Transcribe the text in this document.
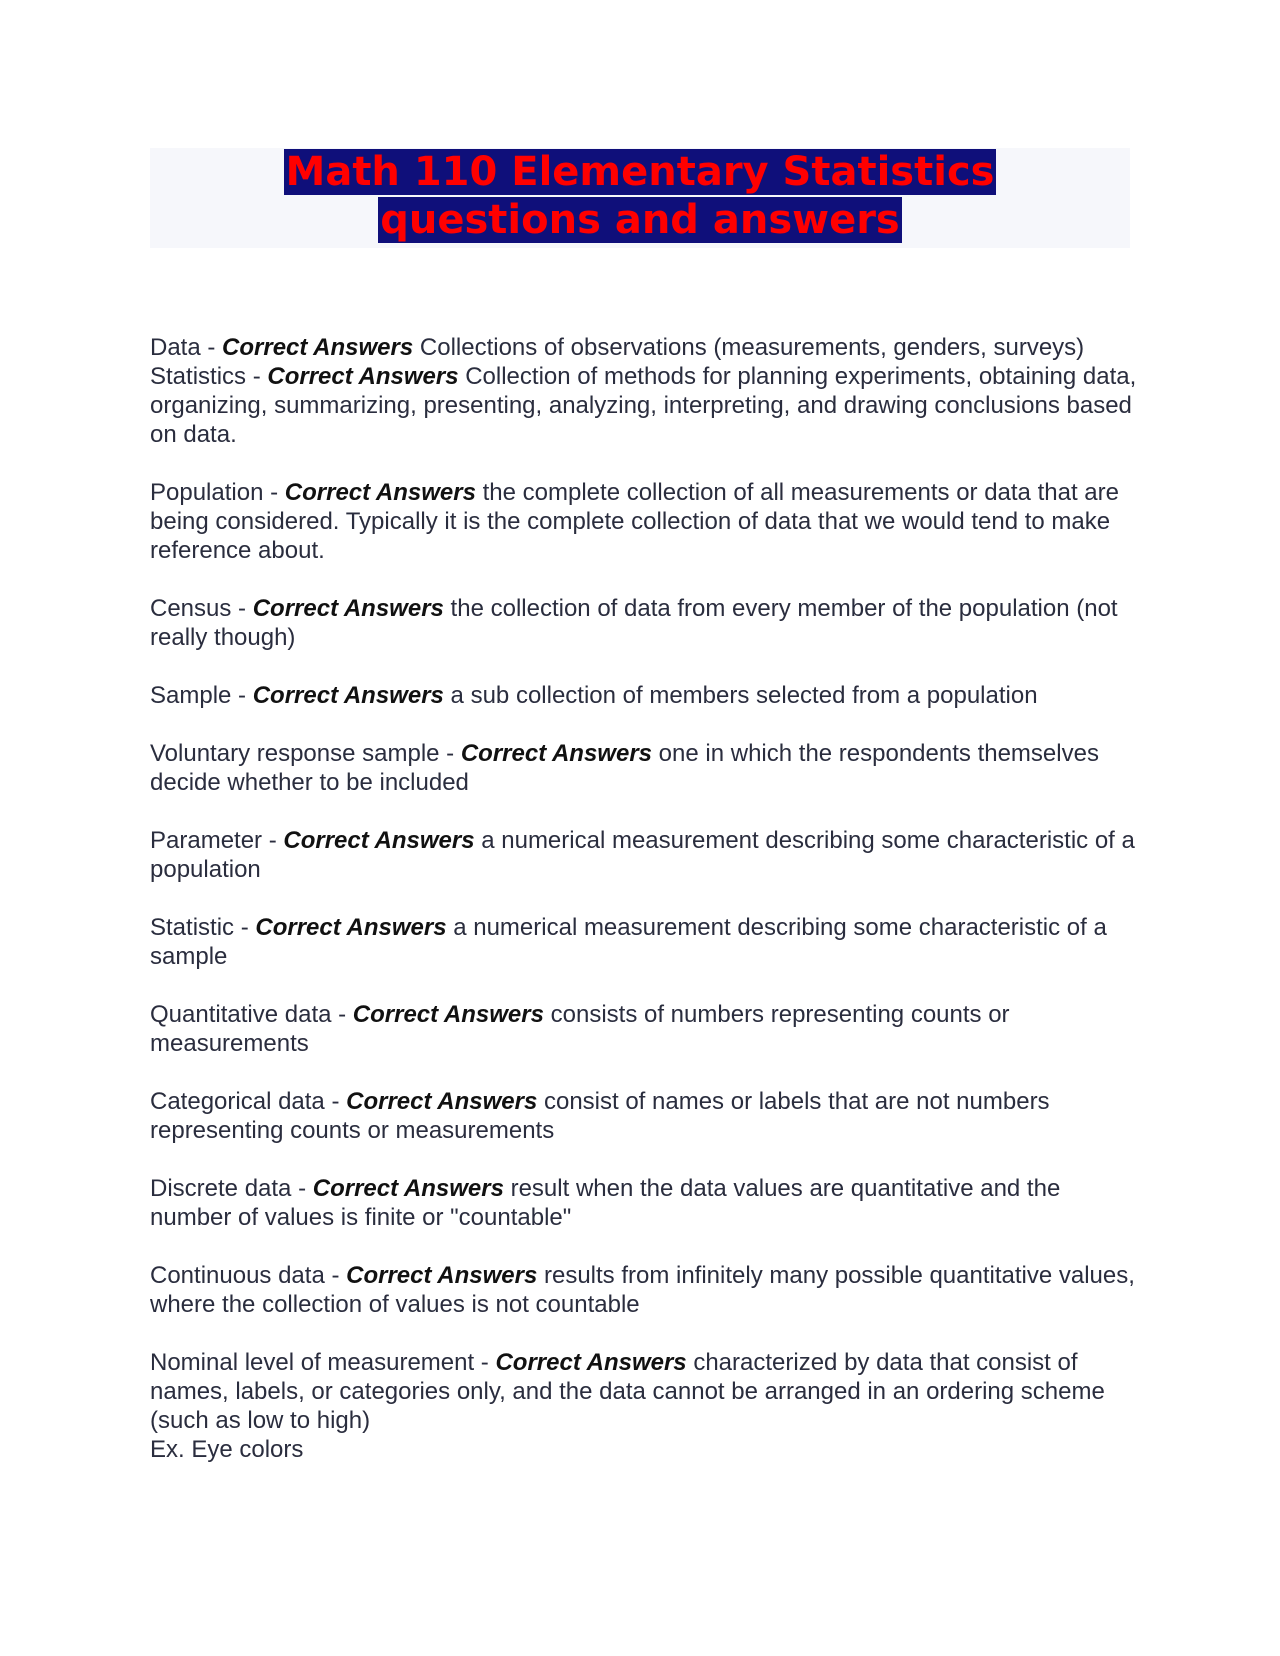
Math 110 Elementary Statistics
questions and answers

Data - Correct Answers Collections of observations (measurements, genders, surveys)

Statistics - Correct Answers Collection of methods for planning experiments, obtaining data, organizing, summarizing, presenting, analyzing, interpreting, and drawing conclusions based on data.

Population - Correct Answers the complete collection of all measurements or data that are being considered. Typically it is the complete collection of data that we would tend to make reference about.

Census - Correct Answers the collection of data from every member of the population (not really though)

Sample - Correct Answers a sub collection of members selected from a population

Voluntary response sample - Correct Answers one in which the respondents themselves decide whether to be included

Parameter - Correct Answers a numerical measurement describing some characteristic of a population

Statistic - Correct Answers a numerical measurement describing some characteristic of a sample

Quantitative data - Correct Answers consists of numbers representing counts or measurements

Categorical data - Correct Answers consist of names or labels that are not numbers representing counts or measurements

Discrete data - Correct Answers result when the data values are quantitative and the number of values is finite or "countable"

Continuous data - Correct Answers results from infinitely many possible quantitative values, where the collection of values is not countable

Nominal level of measurement - Correct Answers characterized by data that consist of names, labels, or categories only, and the data cannot be arranged in an ordering scheme (such as low to high)
Ex. Eye colors
